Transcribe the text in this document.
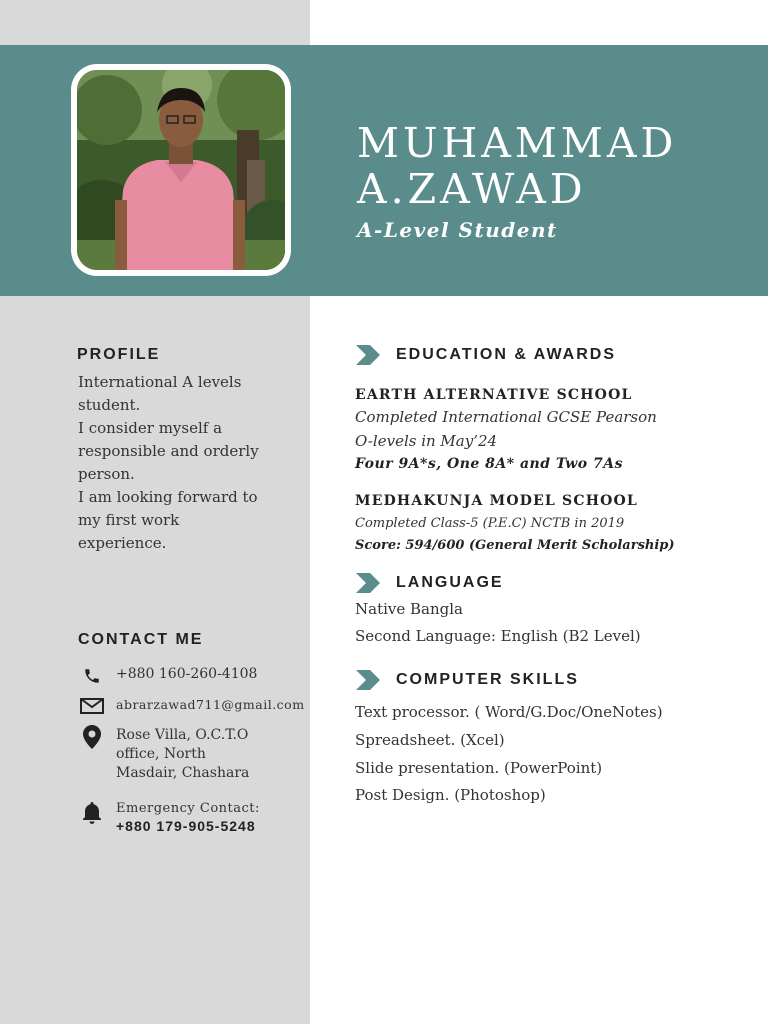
MUHAMMAD
A.ZAWAD
A-Level Student
PROFILE
International A levels
student.
I consider myself a
responsible and orderly
person.
I am looking forward to
my first work
experience.
CONTACT ME
+880 160-260-4108
abrarzawad711@gmail.com
Rose Villa, O.C.T.O
office, North
Masdair, Chashara
Emergency Contact:
+880 179-905-5248
EDUCATION & AWARDS
EARTH ALTERNATIVE SCHOOL
Completed International GCSE Pearson
O-levels in May’24
Four 9A*s, One 8A* and Two 7As
MEDHAKUNJA MODEL SCHOOL
Completed Class-5 (P.E.C) NCTB in 2019
Score: 594/600 (General Merit Scholarship)
LANGUAGE
Native Bangla
Second Language: English (B2 Level)
COMPUTER SKILLS
Text processor. ( Word/G.Doc/OneNotes)
Spreadsheet. (Xcel)
Slide presentation. (PowerPoint)
Post Design. (Photoshop)
